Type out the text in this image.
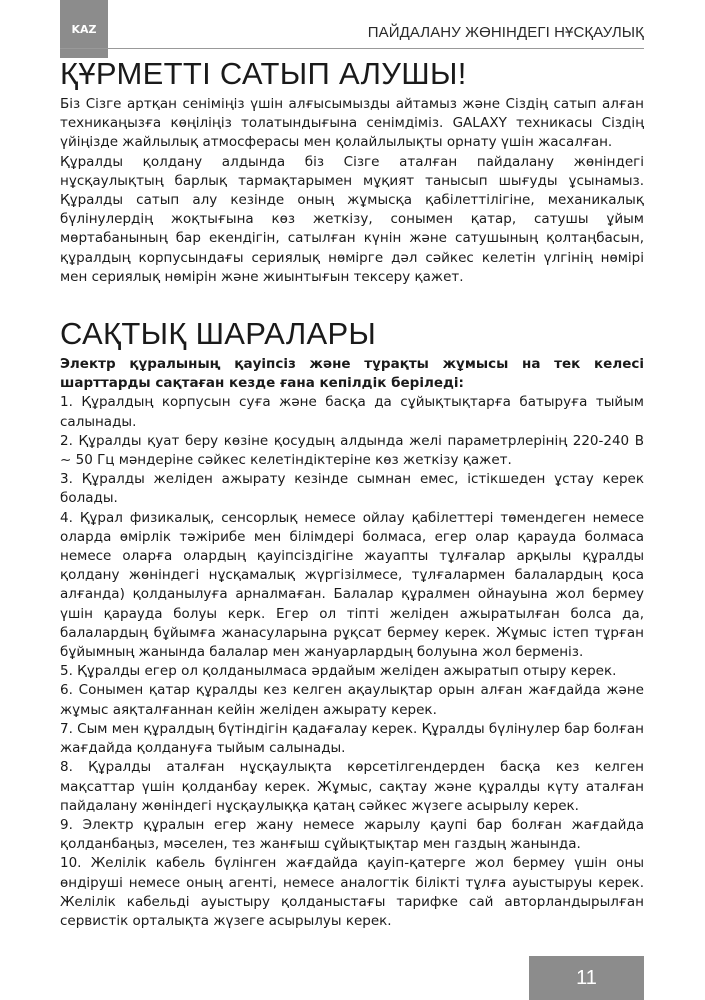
KAZ	ПАЙДАЛАНУ ЖӨНІНДЕГІ НҰСҚАУЛЫҚ
ҚҰРМЕТТІ САТЫП АЛУШЫ!

Біз Сізге артқан сеніміңіз үшін алғысымызды айтамыз және Сіздің сатып алған техникаңызға көңіліңіз толатындығына сенімдіміз. GALAXY техникасы Сіздің үйіңізде жайлылық атмосферасы мен қолайлылықты орнату үшін жасалған.

Құралды қолдану алдында біз Сізге аталған пайдалану жөніндегі нұсқаулықтың барлық тармақтарымен мұқият танысып шығуды ұсынамыз. Құралды сатып алу кезінде оның жұмысқа қабілеттілігіне, механикалық бүлінулердің жоқтығына көз жеткізу, сонымен қатар, сатушы ұйым мөртабанының бар екендігін, сатылған күнін және сатушының қолтаңбасын, құралдың корпусындағы сериялық нөмірге дәл сәйкес келетін үлгінің нөмірі мен сериялық нөмірін және жиынтығын тексеру қажет.

САҚТЫҚ ШАРАЛАРЫ

Электр құралының қауіпсіз және тұрақты жұмысы на тек келесі шарттарды сақтаған кезде ғана кепілдік беріледі:

1. Құралдың корпусын суға және басқа да сұйықтықтарға батыруға тыйым салынады.

2. Құралды қуат беру көзіне қосудың алдында желі параметрлерінің 220-240 В ~ 50 Гц мәндеріне сәйкес келетіндіктеріне көз жеткізу қажет.

3. Құралды желіден ажырату кезінде сымнан емес, істікшеден ұстау керек болады.

4. Құрал физикалық, сенсорлық немесе ойлау қабілеттері төмендеген немесе оларда өмірлік тәжірибе мен білімдері болмаса, егер олар қарауда болмаса немесе оларға олардың қауіпсіздігіне жауапты тұлғалар арқылы құралды қолдану жөніндегі нұсқамалық жүргізілмесе, тұлғалармен балалардың қоса алғанда) қолданылуға арналмаған. Балалар құралмен ойнауына жол бермеу үшін қарауда болуы керк. Егер ол тіпті желіден ажыратылған болса да, балалардың бұйымға жанасуларына рұқсат бермеу керек. Жұмыс істеп тұрған бұйымның жанында балалар мен жануарлардың болуына жол берменіз.

5. Құралды егер ол қолданылмаса әрдайым желіден ажыратып отыру керек.

6. Сонымен қатар құралды кез келген ақаулықтар орын алған жағдайда және жұмыс аяқталғаннан кейін желіден ажырату керек.

7. Сым мен құралдың бүтіндігін қадағалау керек. Құралды бүлінулер бар болған жағдайда қолдануға тыйым салынады.

8. Құралды аталған нұсқаулықта көрсетілгендерден басқа кез келген мақсаттар үшін қолданбау керек. Жұмыс, сақтау және құралды күту аталған пайдалану жөніндегі нұсқаулыққа қатаң сәйкес жүзеге асырылу керек.

9. Электр құралын егер жану немесе жарылу қаупі бар болған жағдайда қолданбаңыз, мәселен, тез жанғыш сұйықтықтар мен газдың жанында.

10. Желілік кабель бүлінген жағдайда қауіп-қатерге жол бермеу үшін оны өндіруші немесе оның агенті, немесе аналогтік білікті тұлға ауыстыруы керек. Желілік кабельді ауыстыру қолданыстағы тарифке сай авторландырылған сервистік орталықта жүзеге асырылуы керек.

11
